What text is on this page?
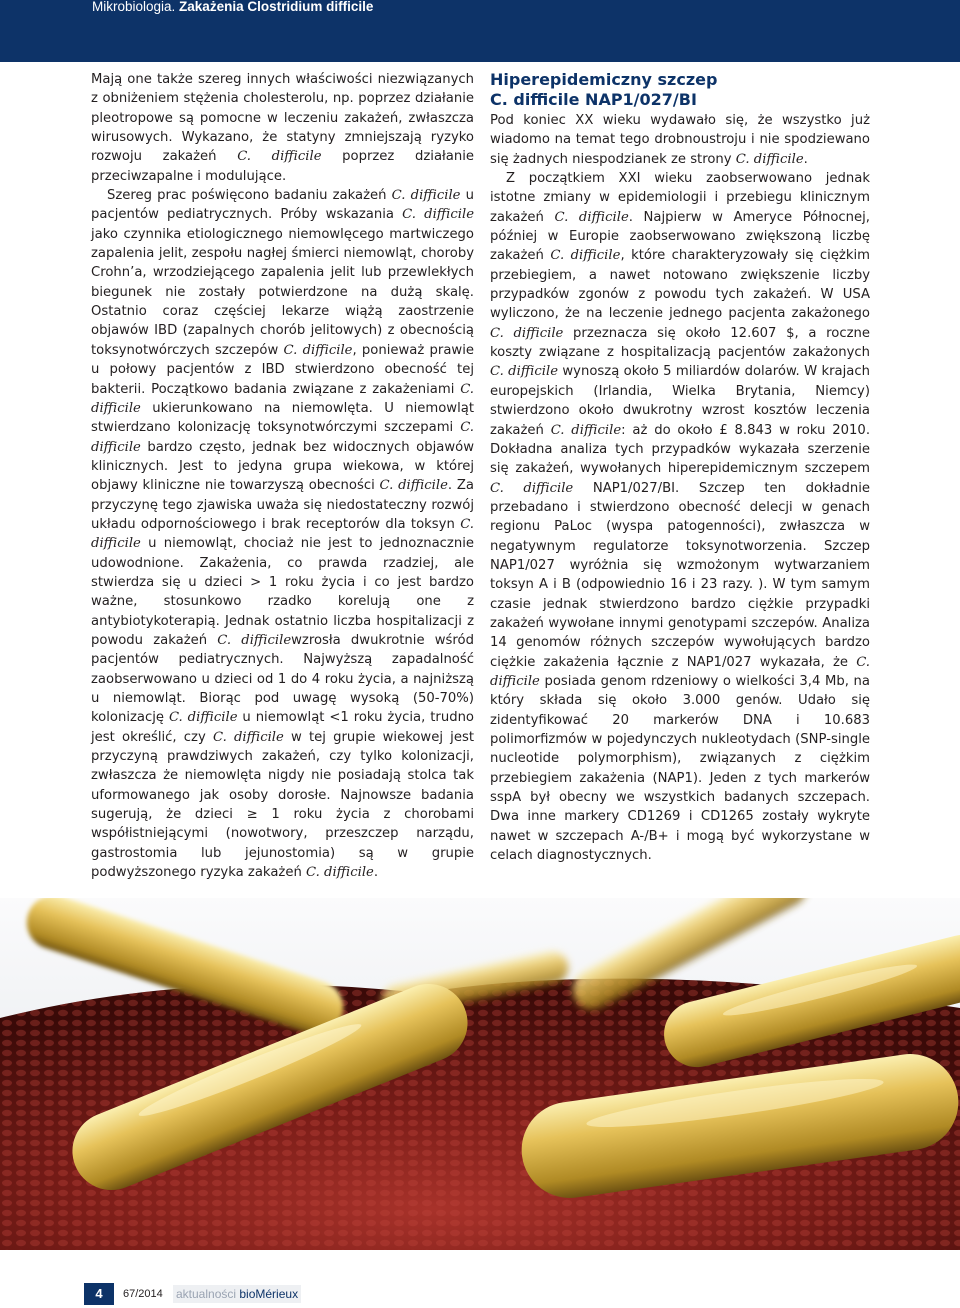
Mikrobiologia. Zakażenia Clostridium difficile

Mają one także szereg innych właściwości niezwiązanych z obniżeniem stężenia cholesterolu, np. poprzez działanie pleotropowe są pomocne w leczeniu zakażeń, zwłaszcza wirusowych. Wykazano, że statyny zmniejszają ryzyko rozwoju zakażeń C. difficile poprzez działanie przeciwzapalne i modulujące.

Szereg prac poświęcono badaniu zakażeń C. difficile u pacjentów pediatrycznych. Próby wskazania C. difficile jako czynnika etiologicznego niemowlęcego martwiczego zapalenia jelit, zespołu nagłej śmierci niemowląt, choroby Crohn’a, wrzodziejącego zapalenia jelit lub przewlekłych biegunek nie zostały potwierdzone na dużą skalę. Ostatnio coraz częściej lekarze wiążą zaostrzenie objawów IBD (zapalnych chorób jelitowych) z obecnością toksynotwórczych szczepów C. difficile, ponieważ prawie u połowy pacjentów z IBD stwierdzono obecność tej bakterii. Początkowo badania związane z zakażeniami C. difficile ukierunkowano na niemowlęta. U niemowląt stwierdzano kolonizację toksynotwórczymi szczepami C. difficile bardzo często, jednak bez widocznych objawów klinicznych. Jest to jedyna grupa wiekowa, w której objawy kliniczne nie towarzyszą obecności C. difficile. Za przyczynę tego zjawiska uważa się niedostateczny rozwój układu odpornościowego i brak receptorów dla toksyn C. difficile u niemowląt, chociaż nie jest to jednoznacznie udowodnione. Zakażenia, co prawda rzadziej, ale stwierdza się u dzieci > 1 roku życia i co jest bardzo ważne, stosunkowo rzadko korelują one z antybiotykoterapią. Jednak ostatnio liczba hospitalizacji z powodu zakażeń C. difficilewzrosła dwukrotnie wśród pacjentów pediatrycznych. Najwyższą zapadalność zaobserwowano u dzieci od 1 do 4 roku życia, a najniższą u niemowląt. Biorąc pod uwagę wysoką (50-70%) kolonizację C. difficile u niemowląt <1 roku życia, trudno jest określić, czy C. difficile w tej grupie wiekowej jest przyczyną prawdziwych zakażeń, czy tylko kolonizacji, zwłaszcza że niemowlęta nigdy nie posiadają stolca tak uformowanego jak osoby dorosłe. Najnowsze badania sugerują, że dzieci ≥ 1 roku życia z chorobami współistniejącymi (nowotwory, przeszczep narządu, gastrostomia lub jejunostomia) są w grupie podwyższonego ryzyka zakażeń C. difficile.

Hiperepidemiczny szczep
C. difficile NAP1/027/BI

Pod koniec XX wieku wydawało się, że wszystko już wiadomo na temat tego drobnoustroju i nie spodziewano się żadnych niespodzianek ze strony C. difficile.

Z początkiem XXI wieku zaobserwowano jednak istotne zmiany w epidemiologii i przebiegu klinicznym zakażeń C. difficile. Najpierw w Ameryce Północnej, później w Europie zaobserwowano zwiększoną liczbę zakażeń C. difficile, które charakteryzowały się ciężkim przebiegiem, a nawet notowano zwiększenie liczby przypadków zgonów z powodu tych zakażeń. W USA wyliczono, że na leczenie jednego pacjenta zakażonego C. difficile przeznacza się około 12.607 $, a roczne koszty związane z hospitalizacją pacjentów zakażonych C. difficile wynoszą około 5 miliardów dolarów. W krajach europejskich (Irlandia, Wielka Brytania, Niemcy) stwierdzono około dwukrotny wzrost kosztów leczenia zakażeń C. difficile: aż do około £ 8.843 w roku 2010. Dokładna analiza tych przypadków wykazała szerzenie się zakażeń, wywołanych hiperepidemicznym szczepem C. difficile NAP1/027/BI. Szczep ten dokładnie przebadano i stwierdzono obecność delecji w genach regionu PaLoc (wyspa patogenności), zwłaszcza w negatywnym regulatorze toksynotworzenia. Szczep NAP1/027 wyróżnia się wzmożonym wytwarzaniem toksyn A i B (odpowiednio 16 i 23 razy. ). W tym samym czasie jednak stwierdzono bardzo ciężkie przypadki zakażeń wywołane innymi genotypami szczepów. Analiza 14 genomów różnych szczepów wywołujących bardzo ciężkie zakażenia łącznie z NAP1/027 wykazała, że C. difficile posiada genom rdzeniowy o wielkości 3,4 Mb, na który składa się około 3.000 genów. Udało się zidentyfikować 20 markerów DNA i 10.683 polimorfizmów w pojedynczych nukleotydach (SNP-single nucleotide polymorphism), związanych z ciężkim przebiegiem zakażenia (NAP1). Jeden z tych markerów sspA był obecny we wszystkich badanych szczepach. Dwa inne markery CD1269 i CD1265 zostały wykryte nawet w szczepach A-/B+ i mogą być wykorzystane w celach diagnostycznych.

4	67/2014 aktualności bioMérieux
